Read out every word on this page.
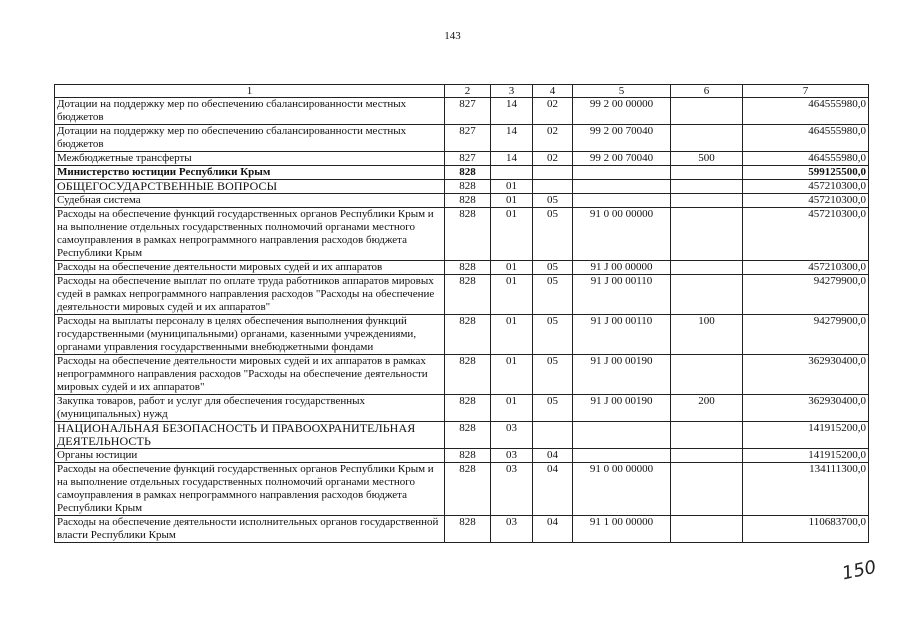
143
1	2	3	4	5	6	7
Дотации на поддержку мер по обеспечению сбалансированности местных бюджетов	827	14	02	99 2 00 00000		464555980,0
Дотации на поддержку мер по обеспечению сбалансированности местных бюджетов	827	14	02	99 2 00 70040		464555980,0
Межбюджетные трансферты	827	14	02	99 2 00 70040	500	464555980,0
Министерство юстиции Республики Крым	828					599125500,0
ОБЩЕГОСУДАРСТВЕННЫЕ ВОПРОСЫ	828	01				457210300,0
Судебная система	828	01	05			457210300,0
Расходы на обеспечение функций государственных органов Республики Крым и на выполнение отдельных государственных полномочий органами местного самоуправления в рамках непрограммного направления расходов бюджета Республики Крым	828	01	05	91 0 00 00000		457210300,0
Расходы на обеспечение деятельности мировых судей и их аппаратов	828	01	05	91 J 00 00000		457210300,0
Расходы на обеспечение выплат по оплате труда работников аппаратов мировых судей в рамках непрограммного направления расходов "Расходы на обеспечение деятельности мировых судей и их аппаратов"	828	01	05	91 J 00 00110		94279900,0
Расходы на выплаты персоналу в целях обеспечения выполнения функций государственными (муниципальными) органами, казенными учреждениями, органами управления государственными внебюджетными фондами	828	01	05	91 J 00 00110	100	94279900,0
Расходы на обеспечение деятельности мировых судей и их аппаратов в рамках непрограммного направления расходов "Расходы на обеспечение деятельности мировых судей и их аппаратов"	828	01	05	91 J 00 00190		362930400,0
Закупка товаров, работ и услуг для обеспечения государственных (муниципальных) нужд	828	01	05	91 J 00 00190	200	362930400,0
НАЦИОНАЛЬНАЯ БЕЗОПАСНОСТЬ И ПРАВООХРАНИТЕЛЬНАЯ ДЕЯТЕЛЬНОСТЬ	828	03				141915200,0
Органы юстиции	828	03	04			141915200,0
Расходы на обеспечение функций государственных органов Республики Крым и на выполнение отдельных государственных полномочий органами местного самоуправления в рамках непрограммного направления расходов бюджета Республики Крым	828	03	04	91 0 00 00000		134111300,0
Расходы на обеспечение деятельности исполнительных органов государственной власти Республики Крым	828	03	04	91 1 00 00000		110683700,0
150
